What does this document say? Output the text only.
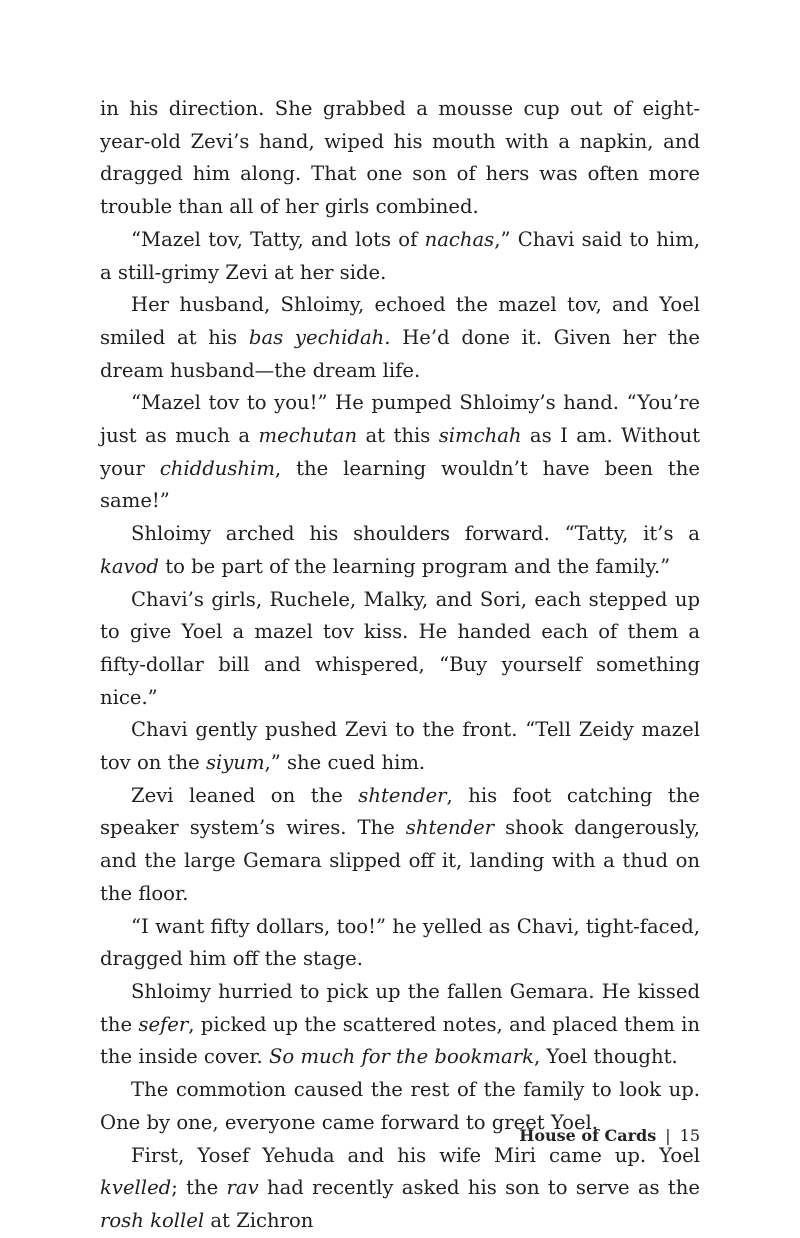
in his direction. She grabbed a mousse cup out of eight-year-old Zevi’s hand, wiped his mouth with a napkin, and dragged him along. That one son of hers was often more trouble than all of her girls combined.

“Mazel tov, Tatty, and lots of nachas,” Chavi said to him, a still-grimy Zevi at her side.

Her husband, Shloimy, echoed the mazel tov, and Yoel smiled at his bas yechidah. He’d done it. Given her the dream husband—the dream life.

“Mazel tov to you!” He pumped Shloimy’s hand. “You’re just as much a mechutan at this simchah as I am. Without your chiddushim, the learning wouldn’t have been the same!”

Shloimy arched his shoulders forward. “Tatty, it’s a kavod to be part of the learning program and the family.”

Chavi’s girls, Ruchele, Malky, and Sori, each stepped up to give Yoel a mazel tov kiss. He handed each of them a fifty-dollar bill and whispered, “Buy yourself something nice.”

Chavi gently pushed Zevi to the front. “Tell Zeidy mazel tov on the siyum,” she cued him.

Zevi leaned on the shtender, his foot catching the speaker system’s wires. The shtender shook dangerously, and the large Gemara slipped off it, landing with a thud on the floor.

“I want fifty dollars, too!” he yelled as Chavi, tight-faced, dragged him off the stage.

Shloimy hurried to pick up the fallen Gemara. He kissed the sefer, picked up the scattered notes, and placed them in the inside cover. So much for the bookmark, Yoel thought.

The commotion caused the rest of the family to look up. One by one, everyone came forward to greet Yoel.

First, Yosef Yehuda and his wife Miri came up. Yoel kvelled; the rav had recently asked his son to serve as the rosh kollel at Zichron

House of Cards | 15
